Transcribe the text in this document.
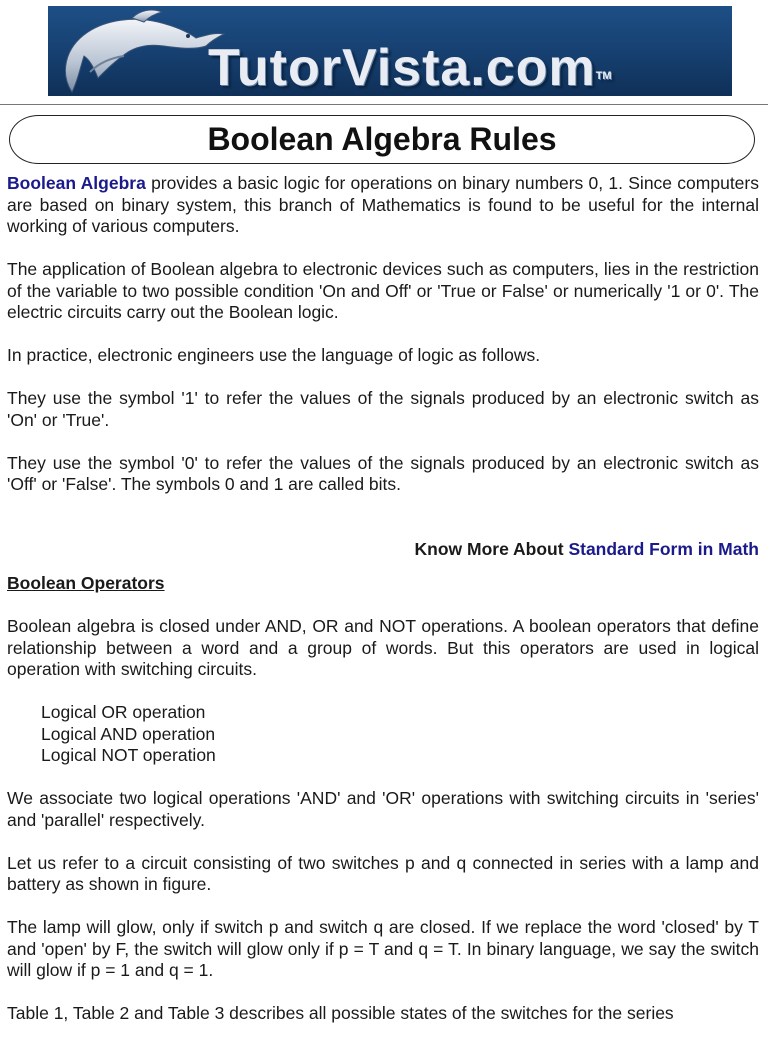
TutorVista.com™
Boolean Algebra Rules

Boolean Algebra provides a basic logic for operations on binary numbers 0, 1. Since computers are based on binary system, this branch of Mathematics is found to be useful for the internal working of various computers.

The application of Boolean algebra to electronic devices such as computers, lies in the restriction of the variable to two possible condition 'On and Off' or 'True or False' or numerically '1 or 0'. The electric circuits carry out the Boolean logic.

In practice, electronic engineers use the language of logic as follows.

They use the symbol '1' to refer the values of the signals produced by an electronic switch as 'On' or 'True'.

They use the symbol '0' to refer the values of the signals produced by an electronic switch as 'Off' or 'False'. The symbols 0 and 1 are called bits.

Know More About Standard Form in Math
Boolean Operators

Boolean algebra is closed under AND, OR and NOT operations. A boolean operators that define relationship between a word and a group of words. But this operators are used in logical operation with switching circuits.

Logical OR operation
Logical AND operation
Logical NOT operation

We associate two logical operations 'AND' and 'OR' operations with switching circuits in 'series' and 'parallel' respectively.

Let us refer to a circuit consisting of two switches p and q connected in series with a lamp and battery as shown in figure.

The lamp will glow, only if switch p and switch q are closed. If we replace the word 'closed' by T and 'open' by F, the switch will glow only if p = T and q = T. In binary language, we say the switch will glow if p = 1 and q = 1.

Table 1, Table 2 and Table 3 describes all possible states of the switches for the series
